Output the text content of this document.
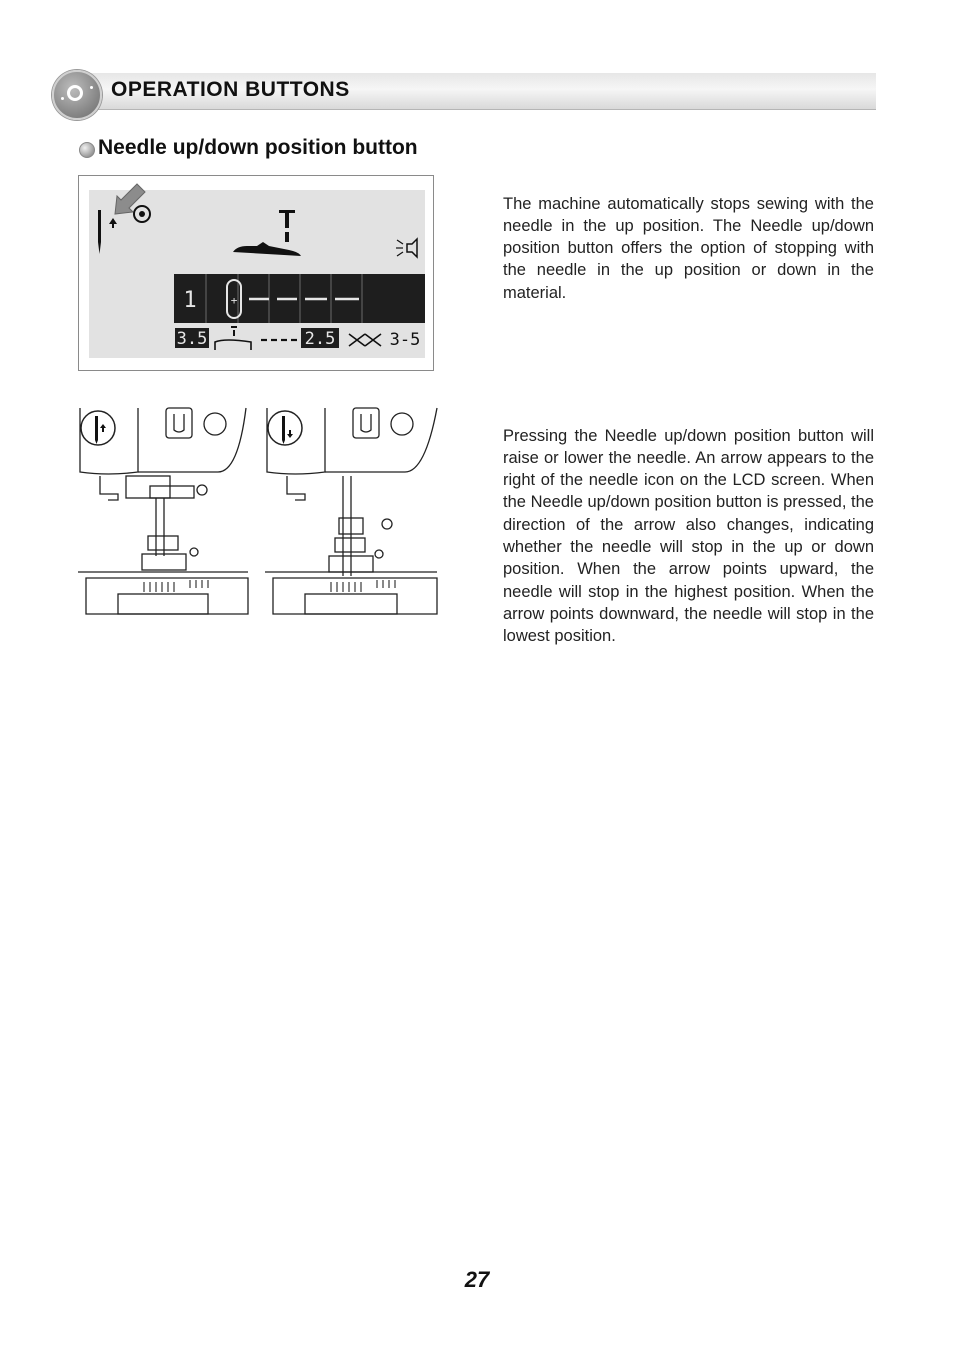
OPERATION BUTTONS
Needle up/down position button
1	+
3.5	2.5	3-5

The machine automatically stops sewing with the needle in the up position. The Needle up/down position button offers the option of stopping with the needle in the up position or down in the material.

Pressing the Needle up/down position button will raise or lower the needle. An arrow appears to the right of the needle icon on the LCD screen. When the Needle up/down position button is pressed, the direction of the arrow also changes, indicating whether the needle will stop in the up or down position. When the arrow points upward, the needle will stop in the highest position. When the arrow points downward, the needle will stop in the lowest position.

27
